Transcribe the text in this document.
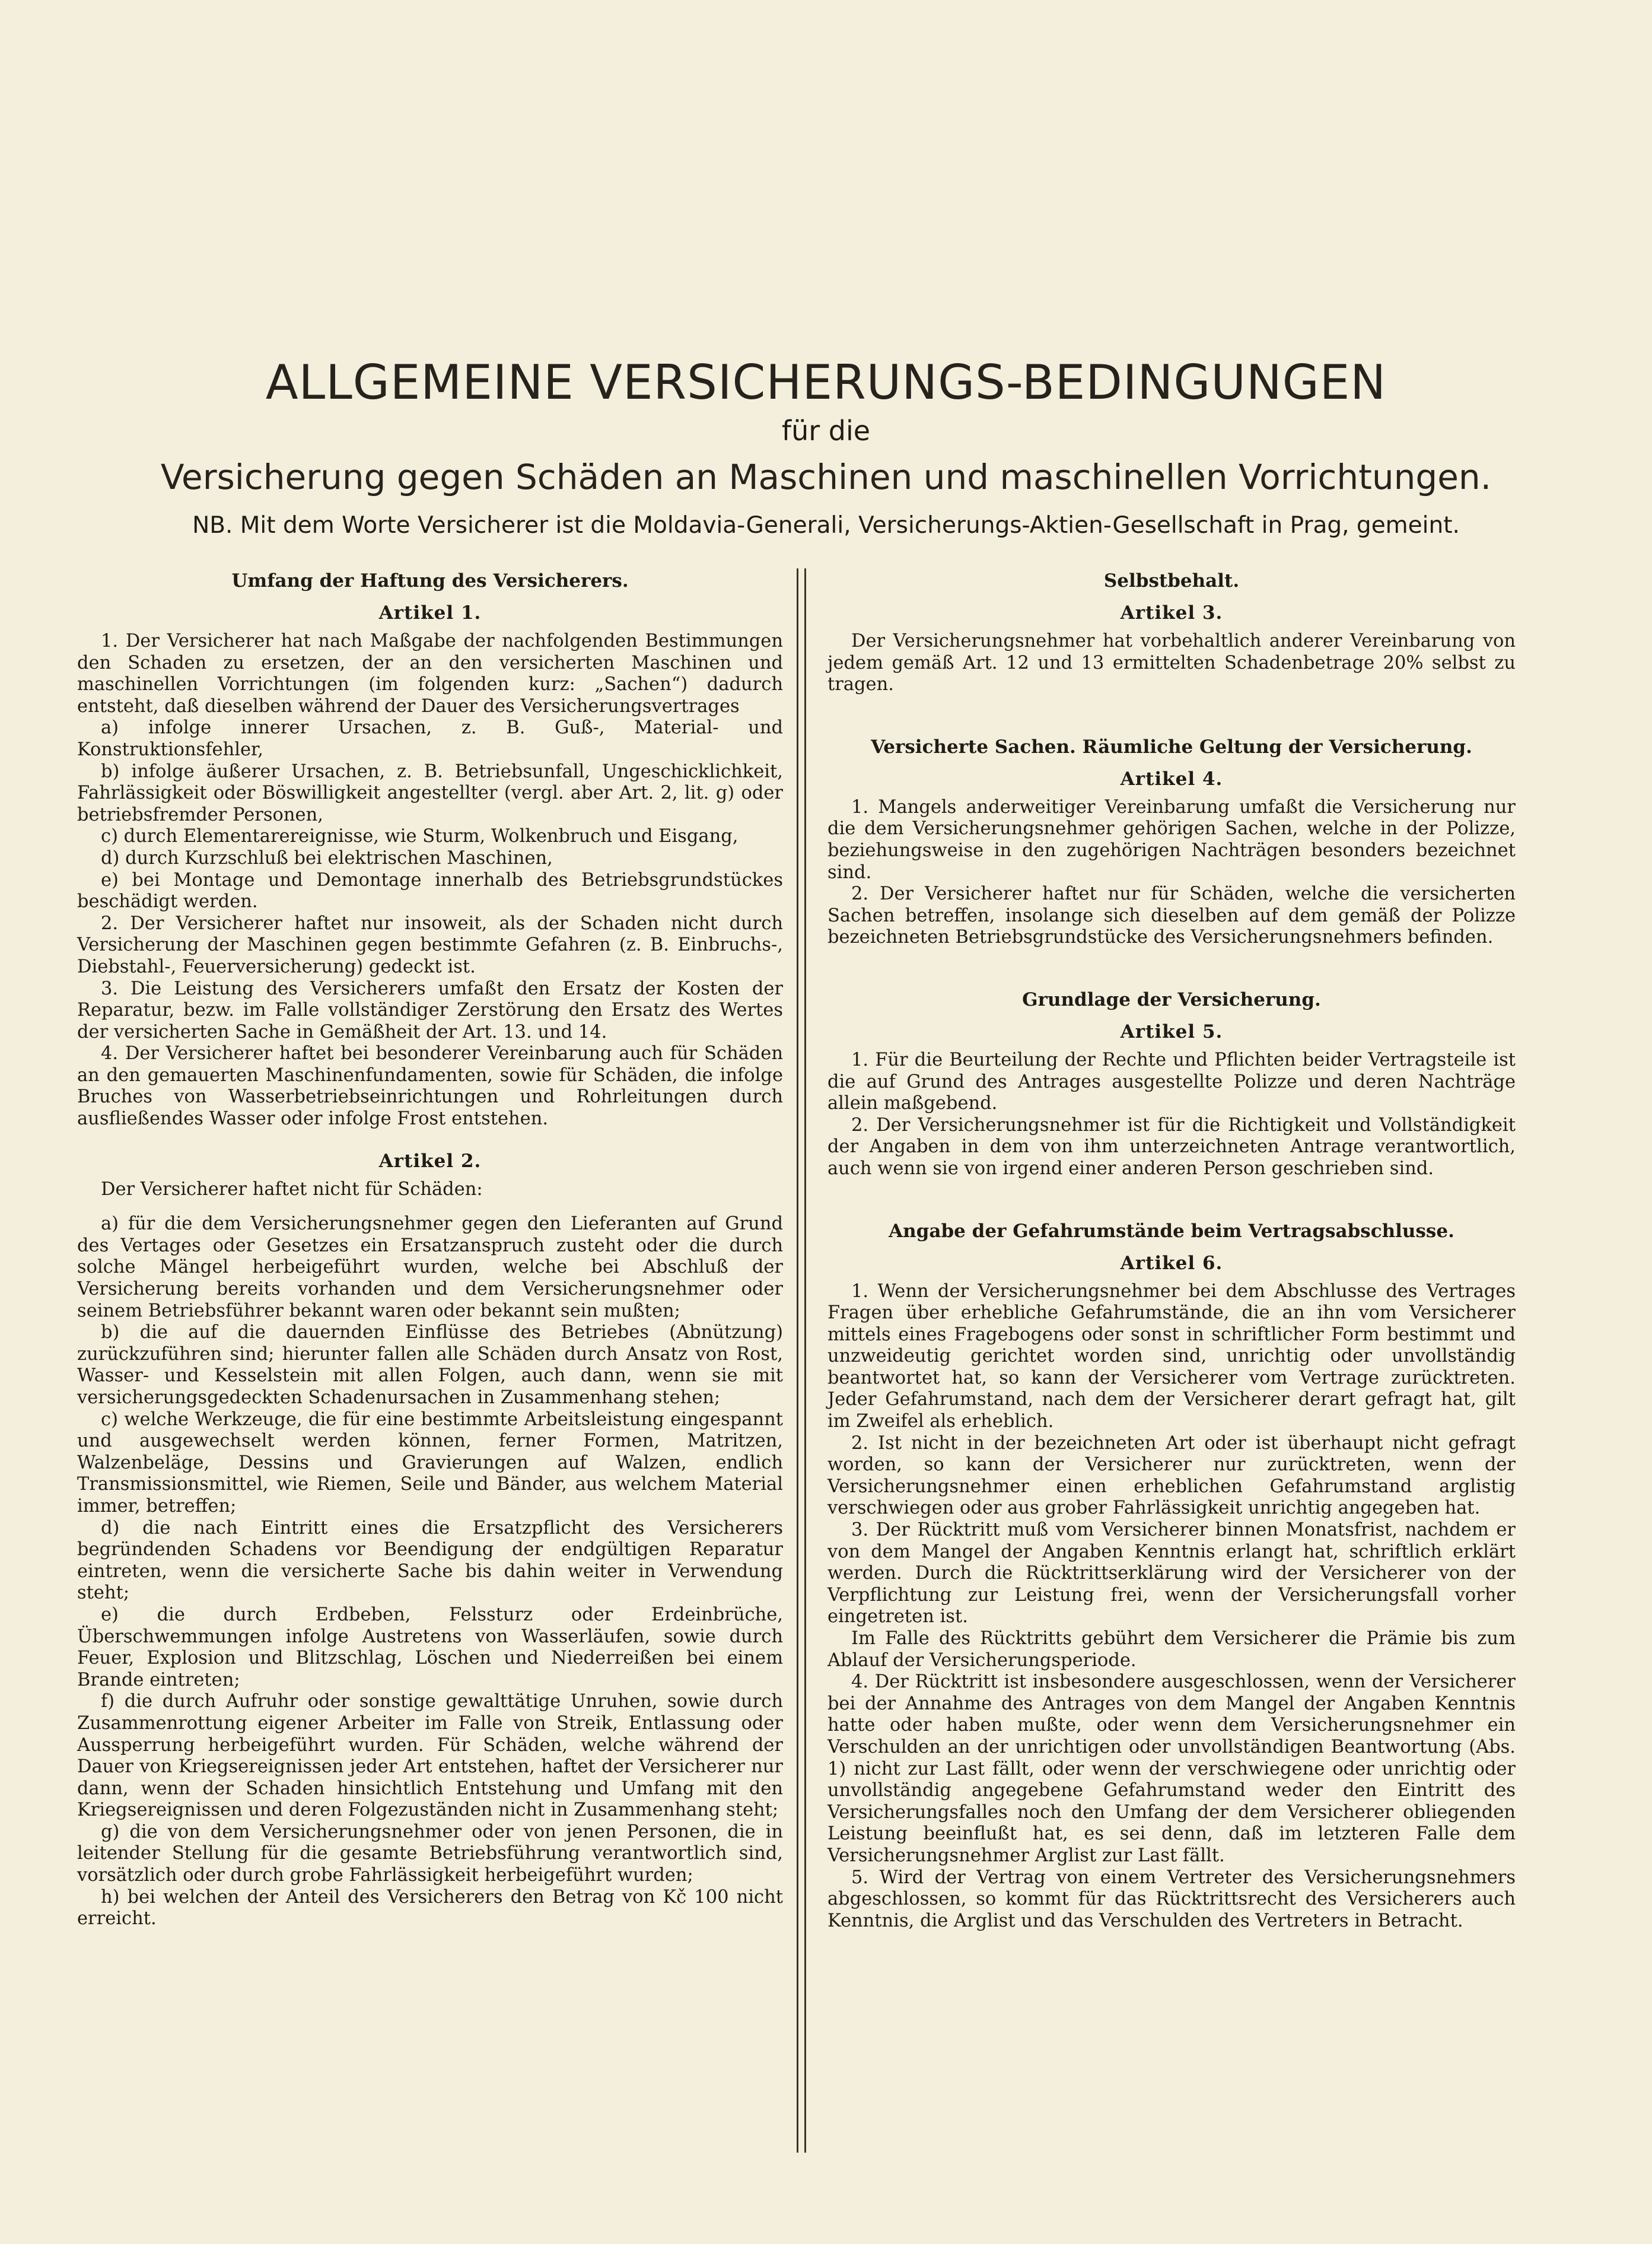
ALLGEMEINE VERSICHERUNGS-BEDINGUNGEN

für die

Versicherung gegen Schäden an Maschinen und maschinellen Vorrichtungen.

NB. Mit dem Worte Versicherer ist die Moldavia-Generali, Versicherungs-Aktien-Gesellschaft in Prag, gemeint.

Umfang der Haftung des Versicherers.

Artikel 1.

1. Der Versicherer hat nach Maßgabe der nachfolgenden Bestimmungen den Schaden zu ersetzen, der an den versicherten Maschinen und maschinellen Vorrichtungen (im folgenden kurz: „Sachen“) dadurch entsteht, daß dieselben während der Dauer des Versicherungsvertrages

a) infolge innerer Ursachen, z. B. Guß-, Material- und Konstruktionsfehler,

b) infolge äußerer Ursachen, z. B. Betriebsunfall, Ungeschicklichkeit, Fahrlässigkeit oder Böswilligkeit angestellter (vergl. aber Art. 2, lit. g) oder betriebsfremder Personen,

c) durch Elementarereignisse, wie Sturm, Wolkenbruch und Eisgang,

d) durch Kurzschluß bei elektrischen Maschinen,

e) bei Montage und Demontage innerhalb des Betriebsgrundstückes beschädigt werden.

2. Der Versicherer haftet nur insoweit, als der Schaden nicht durch Versicherung der Maschinen gegen bestimmte Gefahren (z. B. Einbruchs-, Diebstahl-, Feuerversicherung) gedeckt ist.

3. Die Leistung des Versicherers umfaßt den Ersatz der Kosten der Reparatur, bezw. im Falle vollständiger Zerstörung den Ersatz des Wertes der versicherten Sache in Gemäßheit der Art. 13. und 14.

4. Der Versicherer haftet bei besonderer Vereinbarung auch für Schäden an den gemauerten Maschinenfundamenten, sowie für Schäden, die infolge Bruches von Wasserbetriebseinrichtungen und Rohrleitungen durch ausfließendes Wasser oder infolge Frost entstehen.

Artikel 2.

Der Versicherer haftet nicht für Schäden:

a) für die dem Versicherungsnehmer gegen den Lieferanten auf Grund des Vertages oder Gesetzes ein Ersatzanspruch zusteht oder die durch solche Mängel herbeigeführt wurden, welche bei Abschluß der Versicherung bereits vorhanden und dem Versicherungsnehmer oder seinem Betriebsführer bekannt waren oder bekannt sein mußten;

b) die auf die dauernden Einflüsse des Betriebes (Abnützung) zurückzuführen sind; hierunter fallen alle Schäden durch Ansatz von Rost, Wasser- und Kesselstein mit allen Folgen, auch dann, wenn sie mit versicherungsgedeckten Schadenursachen in Zusammenhang stehen;

c) welche Werkzeuge, die für eine bestimmte Arbeitsleistung eingespannt und ausgewechselt werden können, ferner Formen, Matritzen, Walzenbeläge, Dessins und Gravierungen auf Walzen, endlich Transmissionsmittel, wie Riemen, Seile und Bänder, aus welchem Material immer, betreffen;

d) die nach Eintritt eines die Ersatzpflicht des Versicherers begründenden Schadens vor Beendigung der endgültigen Reparatur eintreten, wenn die versicherte Sache bis dahin weiter in Verwendung steht;

e) die durch Erdbeben, Felssturz oder Erdeinbrüche, Überschwemmungen infolge Austretens von Wasserläufen, sowie durch Feuer, Explosion und Blitzschlag, Löschen und Niederreißen bei einem Brande eintreten;

f) die durch Aufruhr oder sonstige gewalttätige Unruhen, sowie durch Zusammenrottung eigener Arbeiter im Falle von Streik, Entlassung oder Aussperrung herbeigeführt wurden. Für Schäden, welche während der Dauer von Kriegsereignissen jeder Art entstehen, haftet der Versicherer nur dann, wenn der Schaden hinsichtlich Entstehung und Umfang mit den Kriegsereignissen und deren Folgezuständen nicht in Zusammenhang steht;

g) die von dem Versicherungsnehmer oder von jenen Personen, die in leitender Stellung für die gesamte Betriebsführung verantwortlich sind, vorsätzlich oder durch grobe Fahrlässigkeit herbeigeführt wurden;

h) bei welchen der Anteil des Versicherers den Betrag von Kč 100 nicht erreicht.

Selbstbehalt.

Artikel 3.

Der Versicherungsnehmer hat vorbehaltlich anderer Vereinbarung von jedem gemäß Art. 12 und 13 ermittelten Schadenbetrage 20% selbst zu tragen.

Versicherte Sachen. Räumliche Geltung der Versicherung.

Artikel 4.

1. Mangels anderweitiger Vereinbarung umfaßt die Versicherung nur die dem Versicherungsnehmer gehörigen Sachen, welche in der Polizze, beziehungsweise in den zugehörigen Nachträgen besonders bezeichnet sind.

2. Der Versicherer haftet nur für Schäden, welche die versicherten Sachen betreffen, insolange sich dieselben auf dem gemäß der Polizze bezeichneten Betriebsgrundstücke des Versicherungsnehmers befinden.

Grundlage der Versicherung.

Artikel 5.

1. Für die Beurteilung der Rechte und Pflichten beider Vertragsteile ist die auf Grund des Antrages ausgestellte Polizze und deren Nachträge allein maßgebend.

2. Der Versicherungsnehmer ist für die Richtigkeit und Vollständigkeit der Angaben in dem von ihm unterzeichneten Antrage verantwortlich, auch wenn sie von irgend einer anderen Person geschrieben sind.

Angabe der Gefahrumstände beim Vertragsabschlusse.

Artikel 6.

1. Wenn der Versicherungsnehmer bei dem Abschlusse des Vertrages Fragen über erhebliche Gefahrumstände, die an ihn vom Versicherer mittels eines Fragebogens oder sonst in schriftlicher Form bestimmt und unzweideutig gerichtet worden sind, unrichtig oder unvollständig beantwortet hat, so kann der Versicherer vom Vertrage zurücktreten. Jeder Gefahrumstand, nach dem der Versicherer derart gefragt hat, gilt im Zweifel als erheblich.

2. Ist nicht in der bezeichneten Art oder ist überhaupt nicht gefragt worden, so kann der Versicherer nur zurücktreten, wenn der Versicherungsnehmer einen erheblichen Gefahrumstand arglistig verschwiegen oder aus grober Fahrlässigkeit unrichtig angegeben hat.

3. Der Rücktritt muß vom Versicherer binnen Monatsfrist, nachdem er von dem Mangel der Angaben Kenntnis erlangt hat, schriftlich erklärt werden. Durch die Rücktrittserklärung wird der Versicherer von der Verpflichtung zur Leistung frei, wenn der Versicherungsfall vorher eingetreten ist.

Im Falle des Rücktritts gebührt dem Versicherer die Prämie bis zum Ablauf der Versicherungsperiode.

4. Der Rücktritt ist insbesondere ausgeschlossen, wenn der Versicherer bei der Annahme des Antrages von dem Mangel der Angaben Kenntnis hatte oder haben mußte, oder wenn dem Versicherungsnehmer ein Verschulden an der unrichtigen oder unvollständigen Beantwortung (Abs. 1) nicht zur Last fällt, oder wenn der verschwiegene oder unrichtig oder unvollständig angegebene Gefahrumstand weder den Eintritt des Versicherungsfalles noch den Umfang der dem Versicherer obliegenden Leistung beeinflußt hat, es sei denn, daß im letzteren Falle dem Versicherungsnehmer Arglist zur Last fällt.

5. Wird der Vertrag von einem Vertreter des Versicherungsnehmers abgeschlossen, so kommt für das Rücktrittsrecht des Versicherers auch Kenntnis, die Arglist und das Verschulden des Vertreters in Betracht.
